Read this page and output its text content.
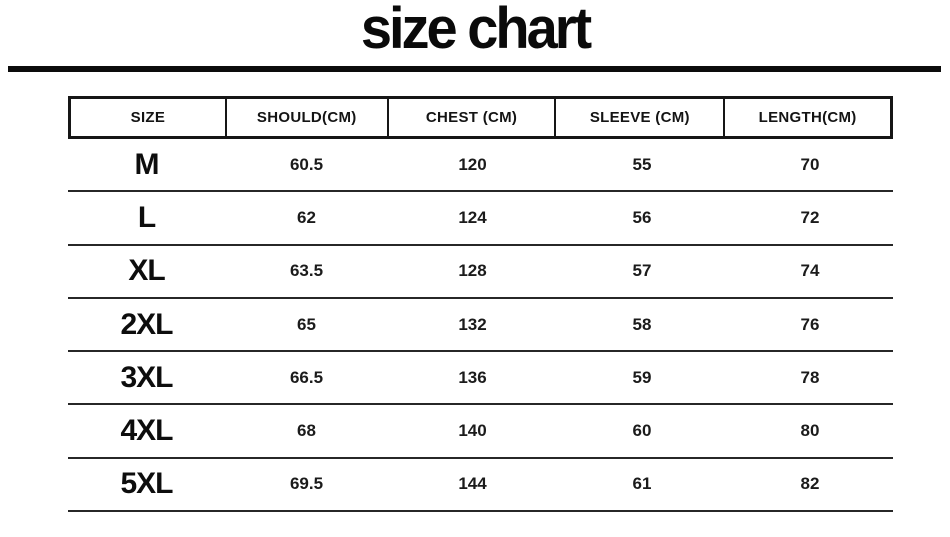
size chart
SIZE	SHOULD(CM)	CHEST (CM)	SLEEVE (CM)	LENGTH(CM)
M	60.5	120	55	70
L	62	124	56	72
XL	63.5	128	57	74
2XL	65	132	58	76
3XL	66.5	136	59	78
4XL	68	140	60	80
5XL	69.5	144	61	82
